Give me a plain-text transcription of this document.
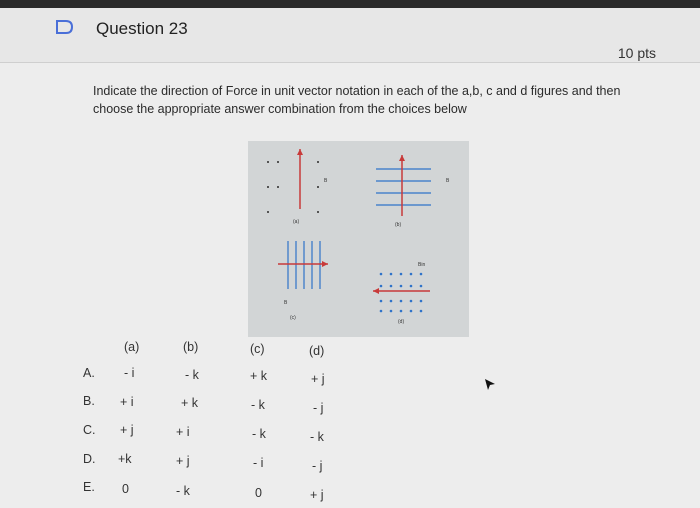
Question 23
10 pts
Indicate the direction of Force in unit vector notation in each of the a,b, c and d figures and then
choose the appropriate answer combination from the choices below
B
(a)
B
(b)
B
(c)
Bin
(d)
(a)	(b)	(c)	(d)
A. - i	- k	+ k	+ j
B. + i	+ k	- k	- j
C. + j	+ i	- k	- k
D. +k	+ j	- i	- j
E. 0	- k	0	+ j
